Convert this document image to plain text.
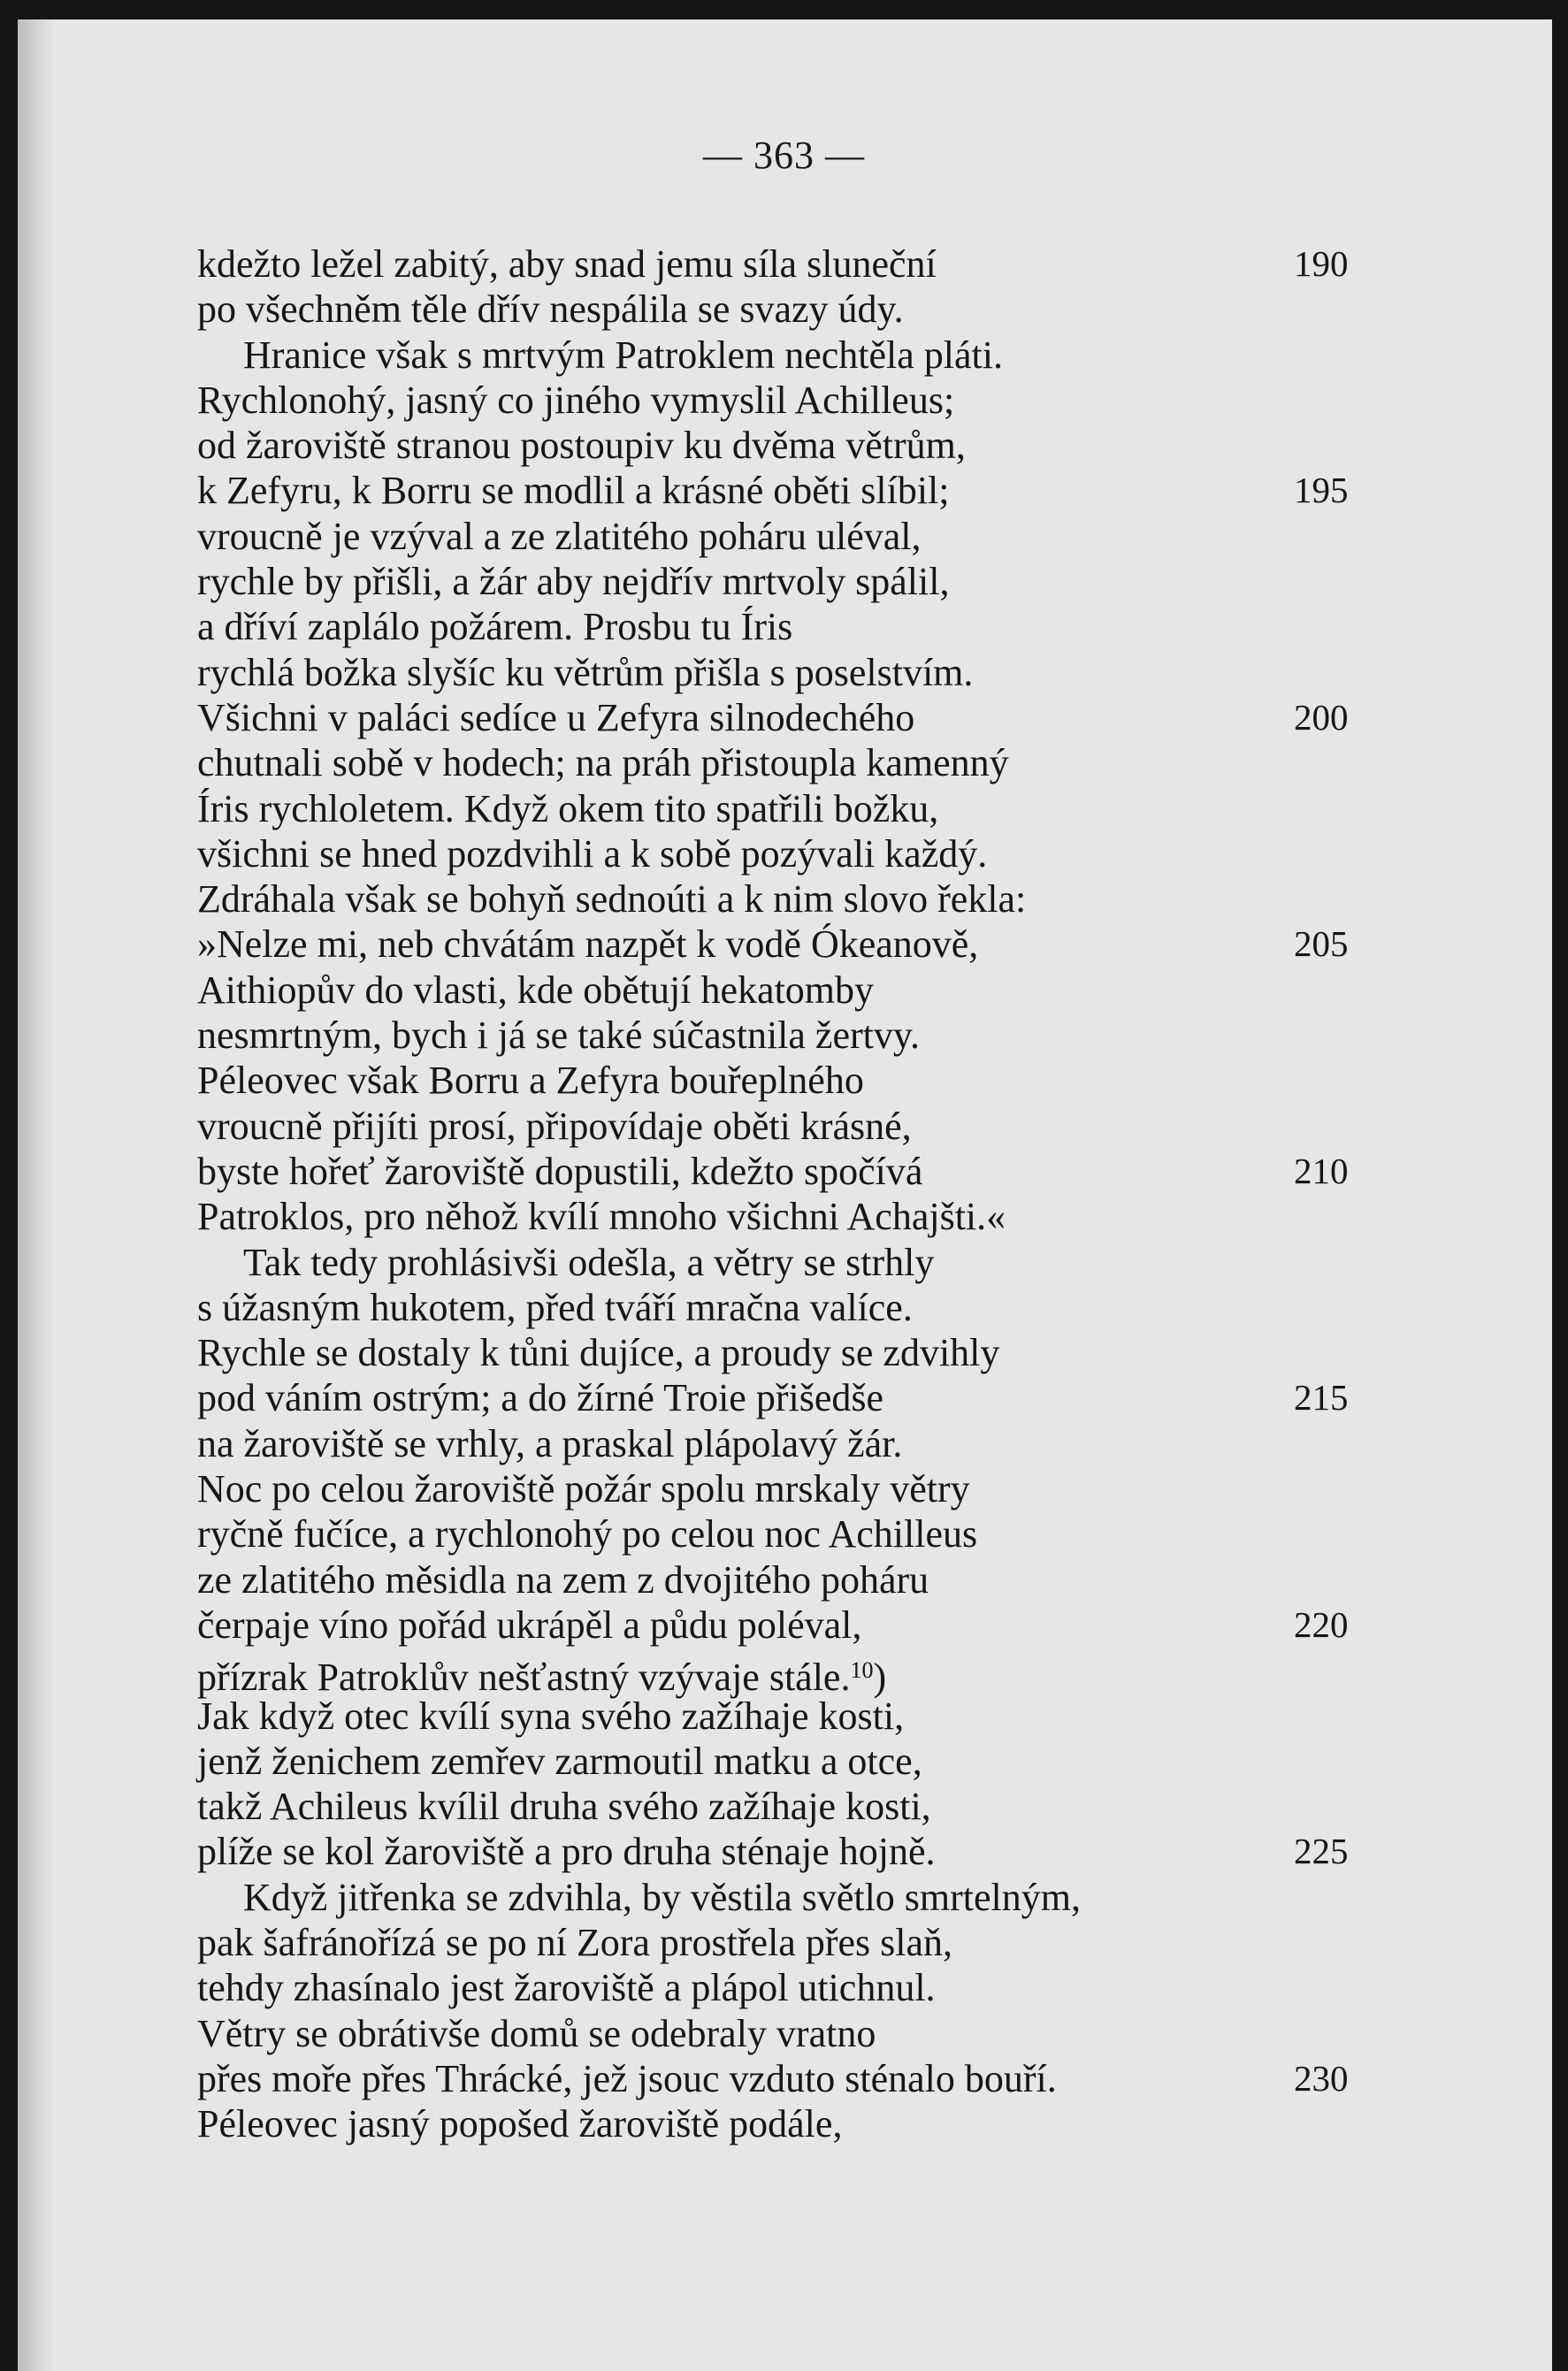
— 363 —
kdežto ležel zabitý, aby snad jemu síla sluneční	190
po všechněm těle dřív nespálila se svazy údy.
Hranice však s mrtvým Patroklem nechtěla pláti.
Rychlonohý, jasný co jiného vymyslil Achilleus;
od žaroviště stranou postoupiv ku dvěma větrům,
k Zefyru, k Borru se modlil a krásné oběti slíbil;	195
vroucně je vzýval a ze zlatitého poháru uléval,
rychle by přišli, a žár aby nejdřív mrtvoly spálil,
a dříví zaplálo požárem. Prosbu tu Íris
rychlá božka slyšíc ku větrům přišla s poselstvím.
Všichni v paláci sedíce u Zefyra silnodechého	200
chutnali sobě v hodech; na práh přistoupla kamenný
Íris rychloletem. Když okem tito spatřili božku,
všichni se hned pozdvihli a k sobě pozývali každý.
Zdráhala však se bohyň sednoúti a k nim slovo řekla:
»Nelze mi, neb chvátám nazpět k vodě Ókeanově,	205
Aithiopův do vlasti, kde obětují hekatomby
nesmrtným, bych i já se také súčastnila žertvy.
Péleovec však Borru a Zefyra bouřeplného
vroucně přijíti prosí, připovídaje oběti krásné,
byste hořeť žaroviště dopustili, kdežto spočívá	210
Patroklos, pro něhož kvílí mnoho všichni Achajšti.«
Tak tedy prohlásivši odešla, a větry se strhly
s úžasným hukotem, před tváří mračna valíce.
Rychle se dostaly k tůni dujíce, a proudy se zdvihly
pod váním ostrým; a do žírné Troie přišedše	215
na žaroviště se vrhly, a praskal plápolavý žár.
Noc po celou žaroviště požár spolu mrskaly větry
ryčně fučíce, a rychlonohý po celou noc Achilleus
ze zlatitého měsidla na zem z dvojitého poháru
čerpaje víno pořád ukrápěl a půdu poléval,	220
přízrak Patroklův nešťastný vzývaje stále.$^{10}$)
Jak když otec kvílí syna svého zažíhaje kosti,
jenž ženichem zemřev zarmoutil matku a otce,
takž Achileus kvílil druha svého zažíhaje kosti,
plíže se kol žaroviště a pro druha sténaje hojně.	225
Když jitřenka se zdvihla, by věstila světlo smrtelným,
pak šafránořízá se po ní Zora prostřela přes slaň,
tehdy zhasínalo jest žaroviště a plápol utichnul.
Větry se obrátivše domů se odebraly vratno
přes moře přes Thrácké, jež jsouc vzduto sténalo bouří.	230
Péleovec jasný popošed žaroviště podále,
